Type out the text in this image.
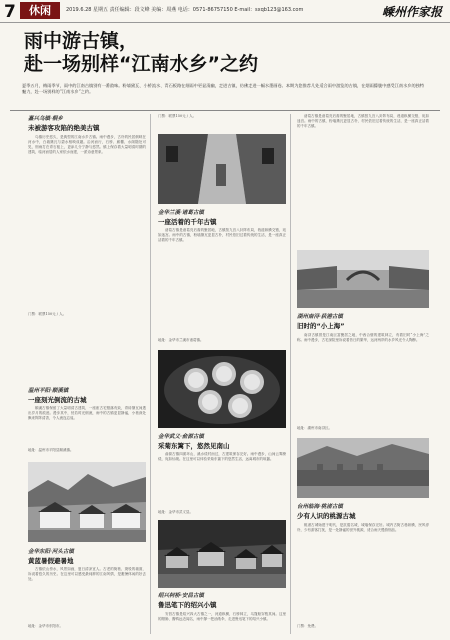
7	休闲	2019.6.28 星期五 责任编辑：段文峰 美编：周燕 电话：0571-86757150 E-mail：sxqb123@163.com	嵊州作家报
雨中游古镇，
赴一场别样“江南水乡”之约

夏季五月，梅雨季节，雨中的江南古镇别有一番韵味。粉墙黛瓦、小桥流水、青石板路在细雨中更显清幽，走进古镇，仿佛走进一幅水墨画卷。本期为您推荐几处适合雨中游览的古镇，在烟雨朦胧中感受江南水乡的独特魅力，赴一场别样的“江南水乡”之约。

嘉兴乌镇·桐乡
未被游客攻陷的绝美古镇

乌镇历史悠久，是典型的江南水乡古镇。雨中漫步，古朴的民居倒映在河水中，白墙黛瓦与碧水相映成趣。沿河而行，石桥、廊棚、水阁随处可见，细雨打在青石板上，更添几分宁静与悠然。镇上保存着大量明清时期的建筑，临河而居的人家依水而建，一派诗意景象。

门票：联票150元 / 人。
温州平阳·顺溪镇
一座刻光倒流的古城

顺溪古镇保留了大量明清古建筑，一座座古宅错落有致，青砖黛瓦间透出岁月的痕迹。漫步其中，恍若时光倒流，雨中的古镇更显静谧，小巷深处飘来阵阵清香，令人流连忘返。

地址：温州市平阳县顺溪镇。
金华东阳·河头古镇
黄蓝暑假避暑地

古镇依山傍水，风景如画，夏日清凉宜人。古老的街巷、斑驳的墙面，诉说着悠久的历史。在这里可以感受最纯粹的江南风情，是避暑休闲的好去处。

地址：金华市东阳市。
门票：联票150元 / 人。
金华兰溪·诸葛古镇
一座活着的千年古镇

诸葛古镇是诸葛亮后裔的聚居地，古镇按九宫八卦阵布局，巷道纵横交错，宛如迷宫。雨中的古镇，粉墙黛瓦更显古朴，村民依旧过着传统的生活，是一座真正活着的千年古镇。

地址：金华市兰溪市诸葛镇。
金华武义·俞源古镇
采菊东篱下，悠然见南山

俞源古镇四面环山，溪水绕村而过，古建筑保存完好。雨中漫步，山间云雾缭绕，宛如仙境。在这里可以体验采菊东篱下的悠然生活，远离城市的喧嚣。

地址：金华市武义县。
绍兴柯桥·安昌古镇
鲁迅笔下的绍兴小镇

安昌古镇是绍兴四大古镇之一，河道纵横，石桥林立，乌篷船穿梭其间。这里的腊肠、酱鸭远近闻名，雨中撑一把油纸伞，走进鲁迅笔下的绍兴小镇。

诸葛古镇是诸葛亮后裔的聚居地，古镇按九宫八卦阵布局，巷道纵横交错，宛如迷宫。雨中的古镇，粉墙黛瓦更显古朴，村民依旧过着传统的生活，是一座真正活着的千年古镇。

湖州南浔·荻港古镇
旧时的“小上海”

南浔古镇曾是江南巨富聚居之地，中西合璧的建筑林立，有着旧时“小上海”之称。雨中漫步，古宅深院里诉说着昔日的繁华，运河两岸的水乡风光令人陶醉。

地址：湖州市南浔区。
台州临海·桃渚古镇
少有人识的桃源古城

桃渚古城始建于明代，是抗倭名城，城墙保存完好。城内古街古巷纵横，民风淳朴，少有游客打扰，是一处静谧的世外桃源，适合雨天慢游细品。

门票：免费。
